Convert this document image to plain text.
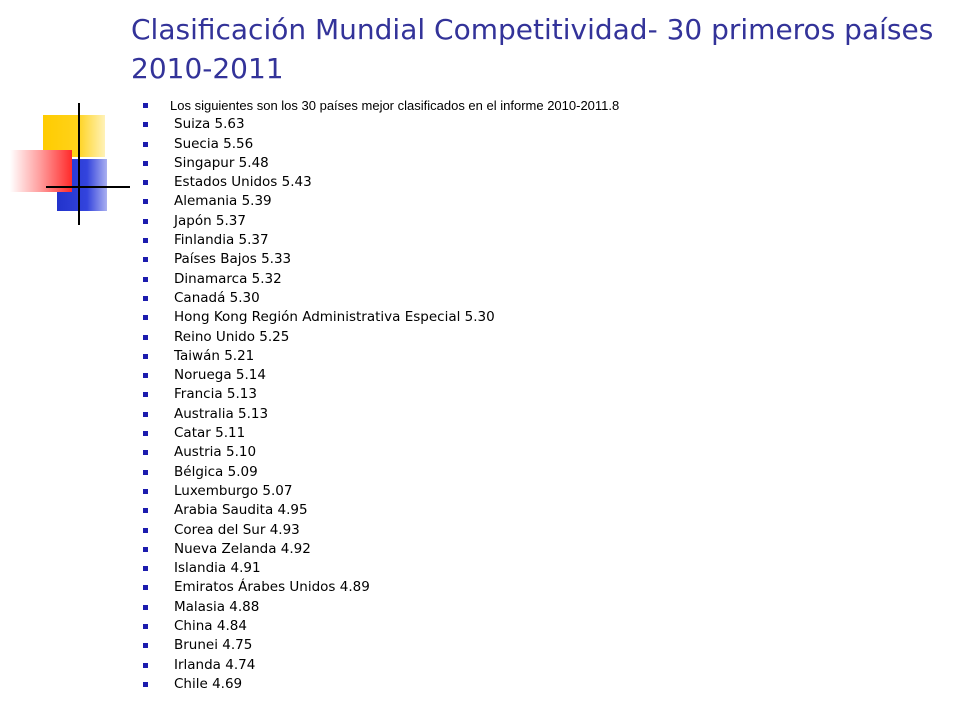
Clasificación Mundial Competitividad- 30 primeros países 2010-2011
Los siguientes son los 30 países mejor clasificados en el informe 2010-2011.8
Suiza 5.63
Suecia 5.56
Singapur 5.48
Estados Unidos 5.43
Alemania 5.39
Japón 5.37
Finlandia 5.37
Países Bajos 5.33
Dinamarca 5.32
Canadá 5.30
Hong Kong Región Administrativa Especial 5.30
Reino Unido 5.25
Taiwán 5.21
Noruega 5.14
Francia 5.13
Australia 5.13
Catar 5.11
Austria 5.10
Bélgica 5.09
Luxemburgo 5.07
Arabia Saudita 4.95
Corea del Sur 4.93
Nueva Zelanda 4.92
Islandia 4.91
Emiratos Árabes Unidos 4.89
Malasia 4.88
China 4.84
Brunei 4.75
Irlanda 4.74
Chile 4.69
